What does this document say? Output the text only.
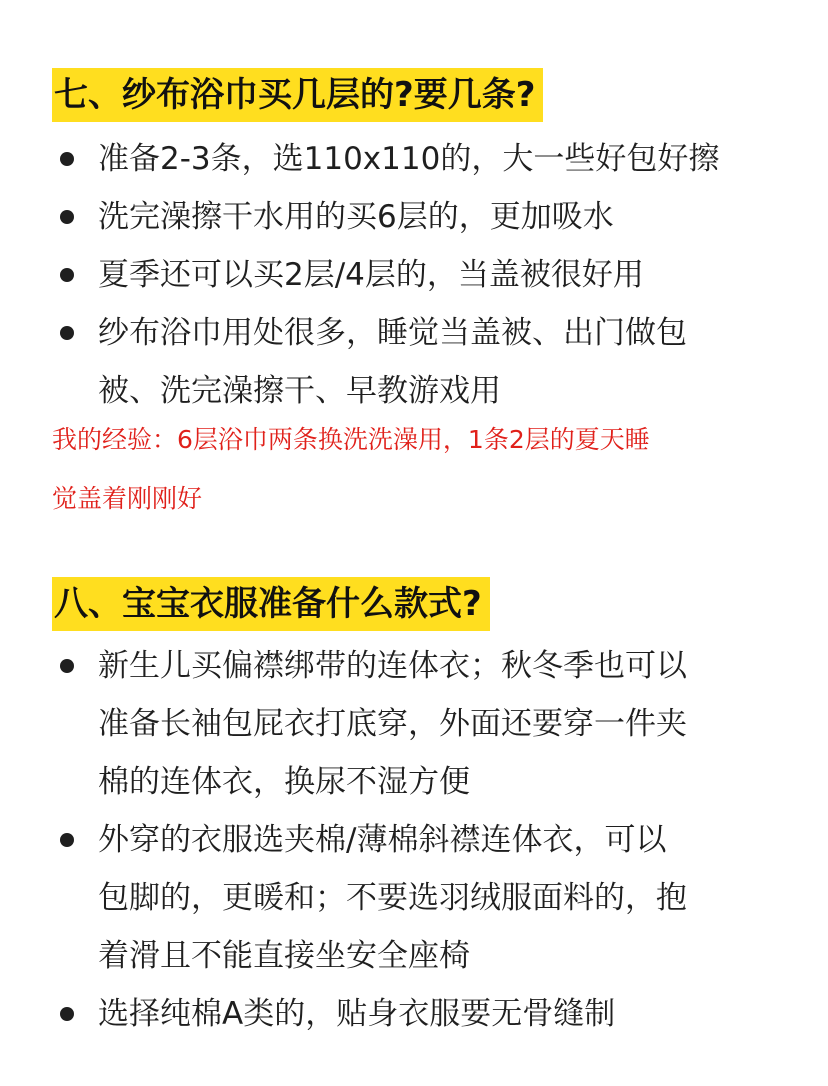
七、纱布浴巾买几层的?要几条?
准备2-3条，选110x110的，大一些好包好擦
洗完澡擦干水用的买6层的，更加吸水
夏季还可以买2层/4层的，当盖被很好用
纱布浴巾用处很多，睡觉当盖被、出门做包
被、洗完澡擦干、早教游戏用
我的经验：6层浴巾两条换洗洗澡用，1条2层的夏天睡
觉盖着刚刚好
八、宝宝衣服准备什么款式?
新生儿买偏襟绑带的连体衣；秋冬季也可以
准备长袖包屁衣打底穿，外面还要穿一件夹
棉的连体衣，换尿不湿方便
外穿的衣服选夹棉/薄棉斜襟连体衣，可以
包脚的，更暖和；不要选羽绒服面料的，抱
着滑且不能直接坐安全座椅
选择纯棉A类的，贴身衣服要无骨缝制
